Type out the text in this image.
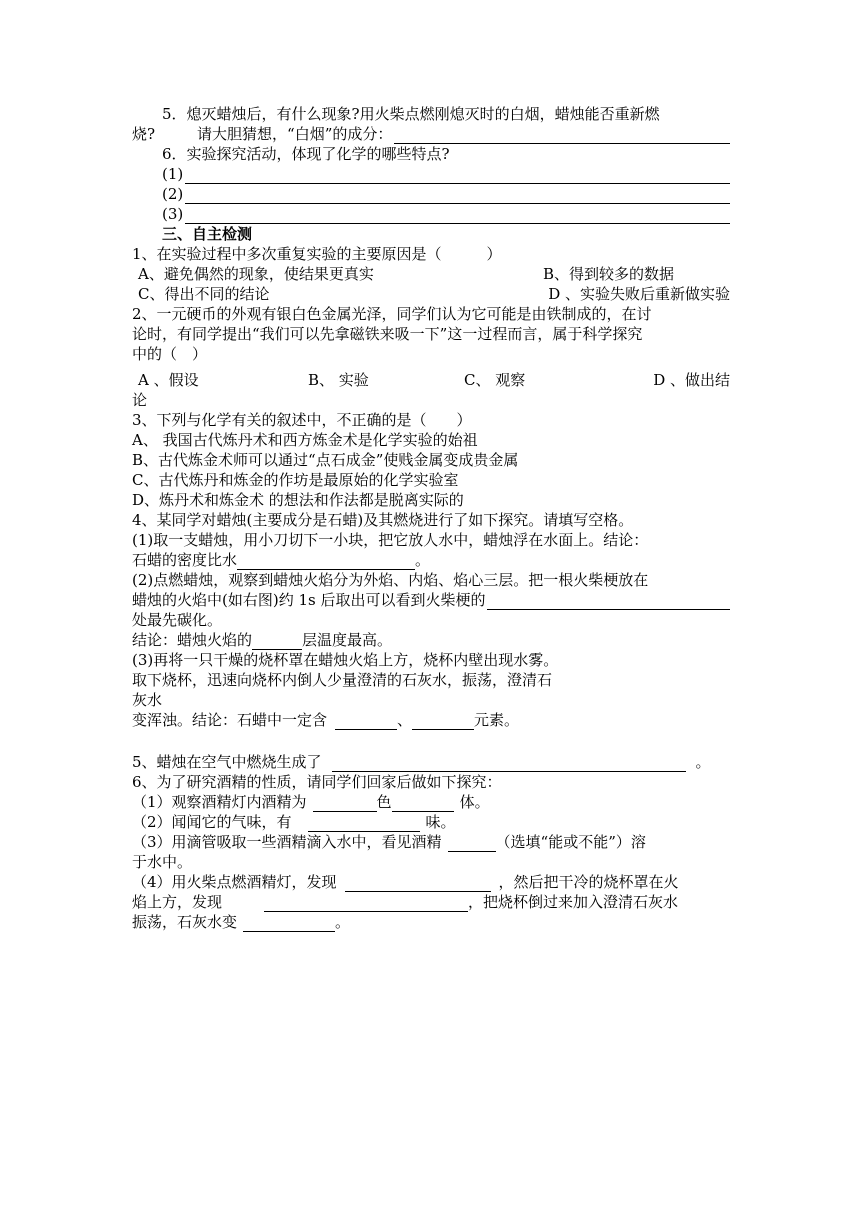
5．熄灭蜡烛后，有什么现象?用火柴点燃刚熄灭时的白烟，蜡烛能否重新燃
烧?	请大胆猜想，“白烟”的成分：
6．实验探究活动，体现了化学的哪些特点?
(1)
(2)
(3)
三、自主检测
1、在实验过程中多次重复实验的主要原因是（　　　）
A、避免偶然的现象，使结果更真实	B、得到较多的数据
C、得出不同的结论	D 、实验失败后重新做实验
2、一元硬币的外观有银白色金属光泽，同学们认为它可能是由铁制成的，在讨
论时，有同学提出“我们可以先拿磁铁来吸一下”这一过程而言，属于科学探究
中的（　）
A 、假设	B、 实验	C、 观察	D 、做出结
论
3、下列与化学有关的叙述中，不正确的是（　　）
A、 我国古代炼丹术和西方炼金术是化学实验的始祖
B、古代炼金术师可以通过“点石成金”使贱金属变成贵金属
C、古代炼丹和炼金的作坊是最原始的化学实验室
D、炼丹术和炼金术 的想法和作法都是脱离实际的
4、某同学对蜡烛(主要成分是石蜡)及其燃烧进行了如下探究。请填写空格。
(1)取一支蜡烛，用小刀切下一小块，把它放人水中，蜡烛浮在水面上。结论：
石蜡的密度比水	。
(2)点燃蜡烛，观察到蜡烛火焰分为外焰、内焰、焰心三层。把一根火柴梗放在
蜡烛的火焰中(如右图)约 1s 后取出可以看到火柴梗的
处最先碳化。
结论：蜡烛火焰的	层温度最高。
(3)再将一只干燥的烧杯罩在蜡烛火焰上方，烧杯内壁出现水雾。
取下烧杯，迅速向烧杯内倒人少量澄清的石灰水，振荡，澄清石
灰水
变浑浊。结论：石蜡中一定含	、	元素。
5、蜡烛在空气中燃烧生成了	。
6、为了研究酒精的性质，请同学们回家后做如下探究：
（1）观察酒精灯内酒精为	色	体。
（2）闻闻它的气味，有	味。
（3）用滴管吸取一些酒精滴入水中，看见酒精	（选填“能或不能”）溶
于水中。
（4）用火柴点燃酒精灯，发现	，然后把干冷的烧杯罩在火
焰上方，发现	，把烧杯倒过来加入澄清石灰水
振荡，石灰水变	。
